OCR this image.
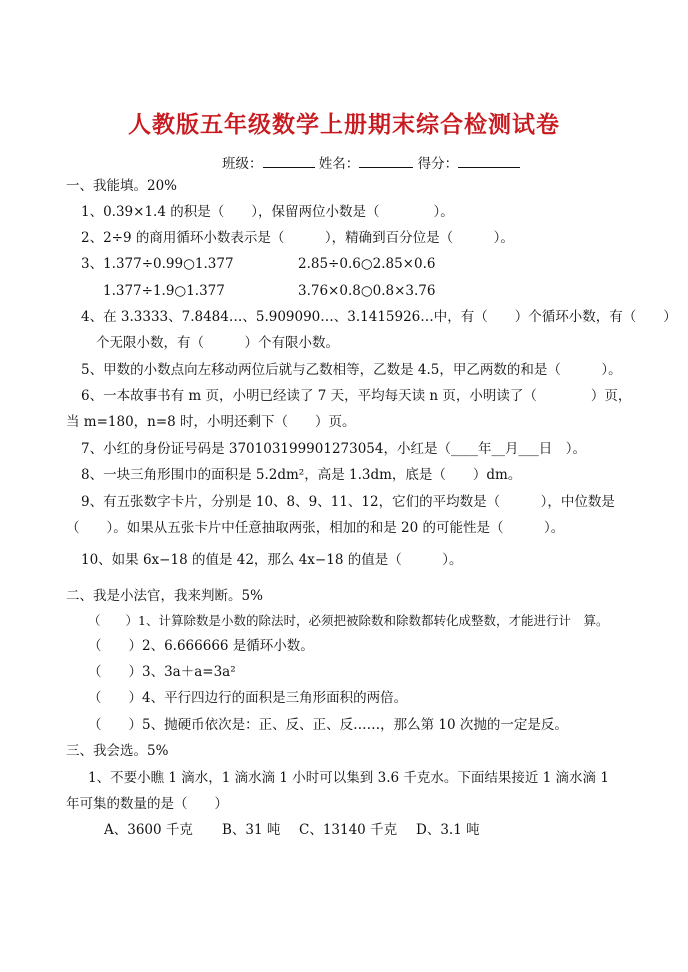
人教版五年级数学上册期末综合检测试卷
班级：	姓名：	得分：
一、我能填。20%
1、0.39×1.4 的积是（　　），保留两位小数是（　　　　）。
2、2÷9 的商用循环小数表示是（　　　），精确到百分位是（　　　）。
3、1.377÷0.99○1.377	2.85÷0.6○2.85×0.6
1.377÷1.9○1.377	3.76×0.8○0.8×3.76
4、在 3.3333、7.8484…、5.909090…、3.1415926…中，有（　　）个循环小数，有（　　）
个无限小数，有（　　　）个有限小数。
5、甲数的小数点向左移动两位后就与乙数相等，乙数是 4.5，甲乙两数的和是（　　　）。
6、一本故事书有 m 页，小明已经读了 7 天，平均每天读 n 页，小明读了（　　　　）页，
当 m=180，n=8 时，小明还剩下（　　）页。
7、小红的身份证号码是 370103199901273054，小红是（____年__月___日　）。
8、一块三角形围巾的面积是 5.2dm²，高是 1.3dm，底是（　　）dm。
9、有五张数字卡片，分别是 10、8、9、11、12，它们的平均数是（　　　），中位数是
（　　）。如果从五张卡片中任意抽取两张，相加的和是 20 的可能性是（　　　）。
10、如果 6x−18 的值是 42，那么 4x−18 的值是（　　　）。
二、我是小法官，我来判断。5%
（　　）1、计算除数是小数的除法时，必须把被除数和除数都转化成整数，才能进行计　算。
（　　）2、6.666666 是循环小数。
（　　）3、3a＋a=3a²
（　　）4、平行四边行的面积是三角形面积的两倍。
（　　）5、抛硬币依次是：正、反、正、反……，那么第 10 次抛的一定是反。
三、我会选。5%
1、不要小瞧 1 滴水，1 滴水滴 1 小时可以集到 3.6 千克水。下面结果接近 1 滴水滴 1
年可集的数量的是（　　）
A、3600 千克 B、31 吨 C、13140 千克 D、3.1 吨
